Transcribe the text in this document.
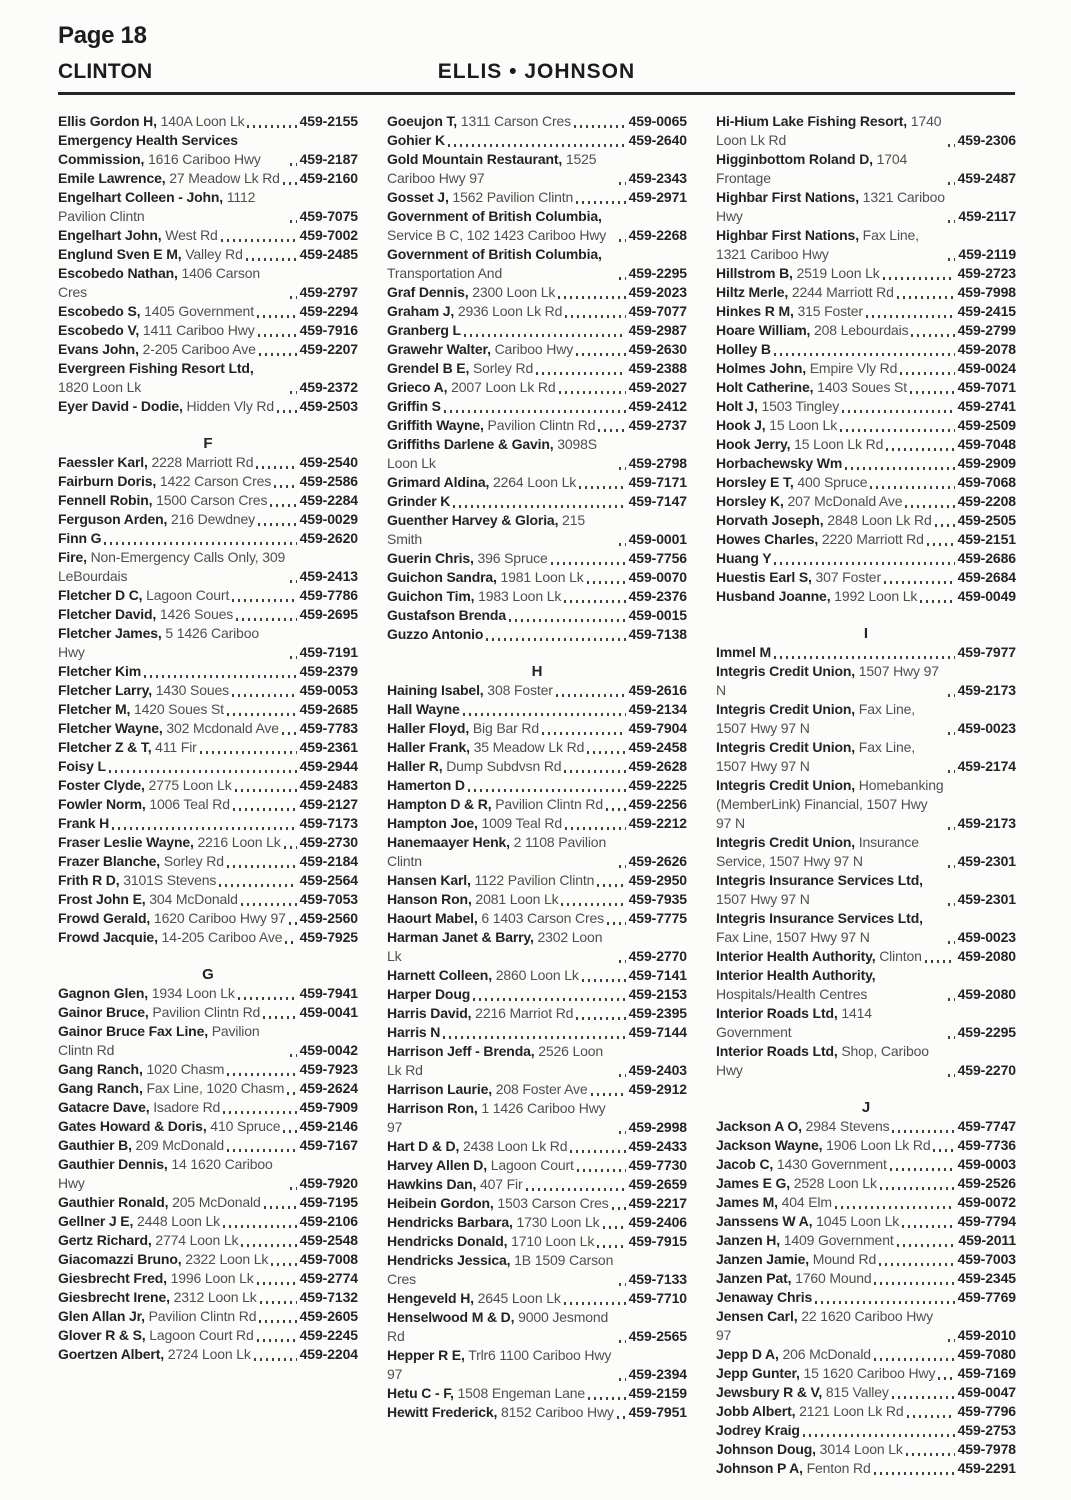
Page 18
CLINTON	ELLIS • JOHNSON
Ellis Gordon H, 140A Loon Lk	459-2155
Emergency Health Services Commission, 1616 Cariboo Hwy	459-2187
Emile Lawrence, 27 Meadow Lk Rd 459-2160
Engelhart Colleen - John, 1112 Pavilion Clintn	459-7075
Engelhart John, West Rd	459-7002
Englund Sven E M, Valley Rd	459-2485
Escobedo Nathan, 1406 Carson Cres	459-2797
Escobedo S, 1405 Government	459-2294
Escobedo V, 1411 Cariboo Hwy	459-7916
Evans John, 2-205 Cariboo Ave	459-2207
Evergreen Fishing Resort Ltd, 1820 Loon Lk	459-2372
Eyer David - Dodie, Hidden Vly Rd 459-2503
F
Faessler Karl, 2228 Marriott Rd	459-2540
Fairburn Doris, 1422 Carson Cres 459-2586
Fennell Robin, 1500 Carson Cres 459-2284
Ferguson Arden, 216 Dewdney	459-0029
Finn G	459-2620
Fire, Non-Emergency Calls Only, 309 LeBourdais	459-2413
Fletcher D C, Lagoon Court	459-7786
Fletcher David, 1426 Soues	459-2695
Fletcher James, 5 1426 Cariboo Hwy	459-7191
Fletcher Kim	459-2379
Fletcher Larry, 1430 Soues	459-0053
Fletcher M, 1420 Soues St	459-2685
Fletcher Wayne, 302 Mcdonald Ave 459-7783
Fletcher Z & T, 411 Fir	459-2361
Foisy L	459-2944
Foster Clyde, 2775 Loon Lk	459-2483
Fowler Norm, 1006 Teal Rd	459-2127
Frank H	459-7173
Fraser Leslie Wayne, 2216 Loon Lk 459-2730
Frazer Blanche, Sorley Rd	459-2184
Frith R D, 3101S Stevens	459-2564
Frost John E, 304 McDonald	459-7053
Frowd Gerald, 1620 Cariboo Hwy 97 459-2560
Frowd Jacquie, 14-205 Cariboo Ave 459-7925
G
Gagnon Glen, 1934 Loon Lk	459-7941
Gainor Bruce, Pavilion Clintn Rd	459-0041
Gainor Bruce Fax Line, Pavilion Clintn Rd	459-0042
Gang Ranch, 1020 Chasm	459-7923
Gang Ranch, Fax Line, 1020 Chasm 459-2624
Gatacre Dave, Isadore Rd	459-7909
Gates Howard & Doris, 410 Spruce 459-2146
Gauthier B, 209 McDonald	459-7167
Gauthier Dennis, 14 1620 Cariboo Hwy	459-7920
Gauthier Ronald, 205 McDonald	459-7195
Gellner J E, 2448 Loon Lk	459-2106
Gertz Richard, 2774 Loon Lk	459-2548
Giacomazzi Bruno, 2322 Loon Lk 459-7008
Giesbrecht Fred, 1996 Loon Lk	459-2774
Giesbrecht Irene, 2312 Loon Lk	459-7132
Glen Allan Jr, Pavilion Clintn Rd	459-2605
Glover R & S, Lagoon Court Rd	459-2245
Goertzen Albert, 2724 Loon Lk	459-2204
Goeujon T, 1311 Carson Cres	459-0065
Gohier K	459-2640
Gold Mountain Restaurant, 1525 Cariboo Hwy 97	459-2343
Gosset J, 1562 Pavilion Clintn	459-2971
Government of British Columbia, Service B C, 102 1423 Cariboo Hwy	459-2268
Government of British Columbia, Transportation And	459-2295
Graf Dennis, 2300 Loon Lk	459-2023
Graham J, 2936 Loon Lk Rd	459-7077
Granberg L	459-2987
Grawehr Walter, Cariboo Hwy	459-2630
Grendel B E, Sorley Rd	459-2388
Grieco A, 2007 Loon Lk Rd	459-2027
Griffin S	459-2412
Griffith Wayne, Pavilion Clintn Rd 459-2737
Griffiths Darlene & Gavin, 3098S Loon Lk	459-2798
Grimard Aldina, 2264 Loon Lk	459-7171
Grinder K	459-7147
Guenther Harvey & Gloria, 215 Smith	459-0001
Guerin Chris, 396 Spruce	459-7756
Guichon Sandra, 1981 Loon Lk	459-0070
Guichon Tim, 1983 Loon Lk	459-2376
Gustafson Brenda	459-0015
Guzzo Antonio	459-7138
H
Haining Isabel, 308 Foster	459-2616
Hall Wayne	459-2134
Haller Floyd, Big Bar Rd	459-7904
Haller Frank, 35 Meadow Lk Rd	459-2458
Haller R, Dump Subdvsn Rd	459-2628
Hamerton D	459-2225
Hampton D & R, Pavilion Clintn Rd 459-2256
Hampton Joe, 1009 Teal Rd	459-2212
Hanemaayer Henk, 2 1108 Pavilion Clintn	459-2626
Hansen Karl, 1122 Pavilion Clintn 459-2950
Hanson Ron, 2081 Loon Lk	459-7935
Haourt Mabel, 6 1403 Carson Cres 459-7775
Harman Janet & Barry, 2302 Loon Lk	459-2770
Harnett Colleen, 2860 Loon Lk	459-7141
Harper Doug	459-2153
Harris David, 2216 Marriot Rd	459-2395
Harris N	459-7144
Harrison Jeff - Brenda, 2526 Loon Lk Rd	459-2403
Harrison Laurie, 208 Foster Ave	459-2912
Harrison Ron, 1 1426 Cariboo Hwy 97	459-2998
Hart D & D, 2438 Loon Lk Rd	459-2433
Harvey Allen D, Lagoon Court	459-7730
Hawkins Dan, 407 Fir	459-2659
Heibein Gordon, 1503 Carson Cres 459-2217
Hendricks Barbara, 1730 Loon Lk 459-2406
Hendricks Donald, 1710 Loon Lk 459-7915
Hendricks Jessica, 1B 1509 Carson Cres	459-7133
Hengeveld H, 2645 Loon Lk	459-7710
Henselwood M & D, 9000 Jesmond Rd	459-2565
Hepper R E, Trlr6 1100 Cariboo Hwy 97	459-2394
Hetu C - F, 1508 Engeman Lane	459-2159
Hewitt Frederick, 8152 Cariboo Hwy 459-7951
Hi-Hium Lake Fishing Resort, 1740 Loon Lk Rd	459-2306
Higginbottom Roland D, 1704 Frontage	459-2487
Highbar First Nations, 1321 Cariboo Hwy	459-2117
Highbar First Nations, Fax Line, 1321 Cariboo Hwy	459-2119
Hillstrom B, 2519 Loon Lk	459-2723
Hiltz Merle, 2244 Marriott Rd	459-7998
Hinkes R M, 315 Foster	459-2415
Hoare William, 208 Lebourdais	459-2799
Holley B	459-2078
Holmes John, Empire Vly Rd	459-0024
Holt Catherine, 1403 Soues St	459-7071
Holt J, 1503 Tingley	459-2741
Hook J, 15 Loon Lk	459-2509
Hook Jerry, 15 Loon Lk Rd	459-7048
Horbachewsky Wm	459-2909
Horsley E T, 400 Spruce	459-7068
Horsley K, 207 McDonald Ave	459-2208
Horvath Joseph, 2848 Loon Lk Rd 459-2505
Howes Charles, 2220 Marriott Rd 459-2151
Huang Y	459-2686
Huestis Earl S, 307 Foster	459-2684
Husband Joanne, 1992 Loon Lk	459-0049
I
Immel M	459-7977
Integris Credit Union, 1507 Hwy 97 N	459-2173
Integris Credit Union, Fax Line, 1507 Hwy 97 N	459-0023
Integris Credit Union, Fax Line, 1507 Hwy 97 N	459-2174
Integris Credit Union, Homebanking (MemberLink) Financial, 1507 Hwy 97 N	459-2173
Integris Credit Union, Insurance Service, 1507 Hwy 97 N	459-2301
Integris Insurance Services Ltd, 1507 Hwy 97 N	459-2301
Integris Insurance Services Ltd, Fax Line, 1507 Hwy 97 N	459-0023
Interior Health Authority, Clinton	459-2080
Interior Health Authority, Hospitals/Health Centres	459-2080
Interior Roads Ltd, 1414 Government	459-2295
Interior Roads Ltd, Shop, Cariboo Hwy	459-2270
J
Jackson A O, 2984 Stevens	459-7747
Jackson Wayne, 1906 Loon Lk Rd 459-7736
Jacob C, 1430 Government	459-0003
James E G, 2528 Loon Lk	459-2526
James M, 404 Elm	459-0072
Janssens W A, 1045 Loon Lk	459-7794
Janzen H, 1409 Government	459-2011
Janzen Jamie, Mound Rd	459-7003
Janzen Pat, 1760 Mound	459-2345
Jenaway Chris	459-7769
Jensen Carl, 22 1620 Cariboo Hwy 97	459-2010
Jepp D A, 206 McDonald	459-7080
Jepp Gunter, 15 1620 Cariboo Hwy 459-7169
Jewsbury R & V, 815 Valley	459-0047
Jobb Albert, 2121 Loon Lk Rd	459-7796
Jodrey Kraig	459-2753
Johnson Doug, 3014 Loon Lk	459-7978
Johnson P A, Fenton Rd	459-2291
